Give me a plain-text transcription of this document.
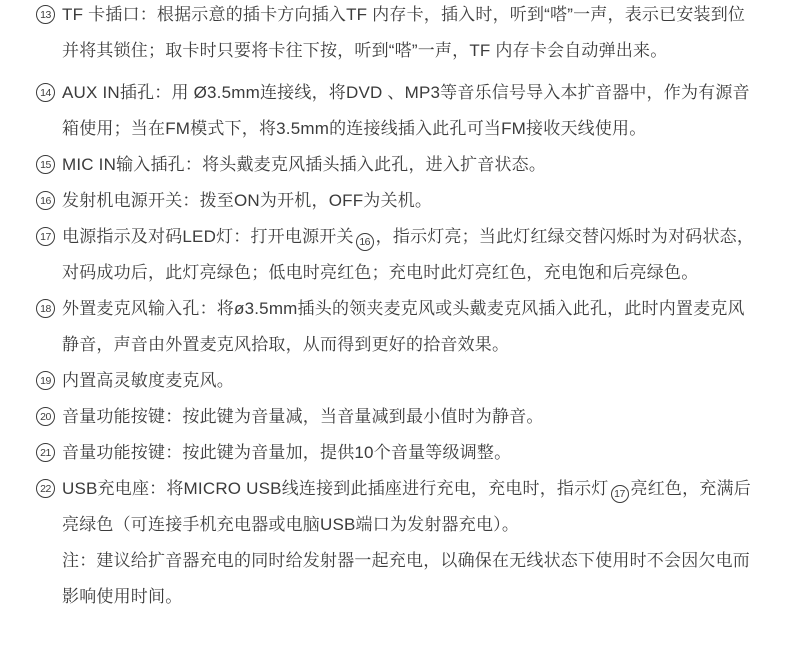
13 TF 卡插口：根据示意的插卡方向插入TF 内存卡，插入时，听到“嗒”一声，表示已安装到位并将其锁住；取卡时只要将卡往下按，听到“嗒”一声，TF 内存卡会自动弹出来。
14 AUX IN插孔：用 Ø3.5mm连接线，将DVD 、MP3等音乐信号导入本扩音器中，作为有源音箱使用；当在FM模式下，将3.5mm的连接线插入此孔可当FM接收天线使用。
15 MIC IN输入插孔：将头戴麦克风插头插入此孔，进入扩音状态。
16 发射机电源开关：拨至ON为开机，OFF为关机。
17 电源指示及对码LED灯：打开电源开关 16 ，指示灯亮；当此灯红绿交替闪烁时为对码状态，对码成功后，此灯亮绿色；低电时亮红色；充电时此灯亮红色，充电饱和后亮绿色。
18 外置麦克风输入孔：将ø3.5mm插头的领夹麦克风或头戴麦克风插入此孔，此时内置麦克风静音，声音由外置麦克风拾取，从而得到更好的拾音效果。
19 内置高灵敏度麦克风。
20 音量功能按键：按此键为音量减，当音量减到最小值时为静音。
21 音量功能按键：按此键为音量加，提供10个音量等级调整。
22 USB充电座：将MICRO USB线连接到此插座进行充电，充电时，指示灯 17 亮红色，充满后亮绿色（可连接手机充电器或电脑USB端口为发射器充电）。
注：建议给扩音器充电的同时给发射器一起充电，以确保在无线状态下使用时不会因欠电而影响使用时间。
